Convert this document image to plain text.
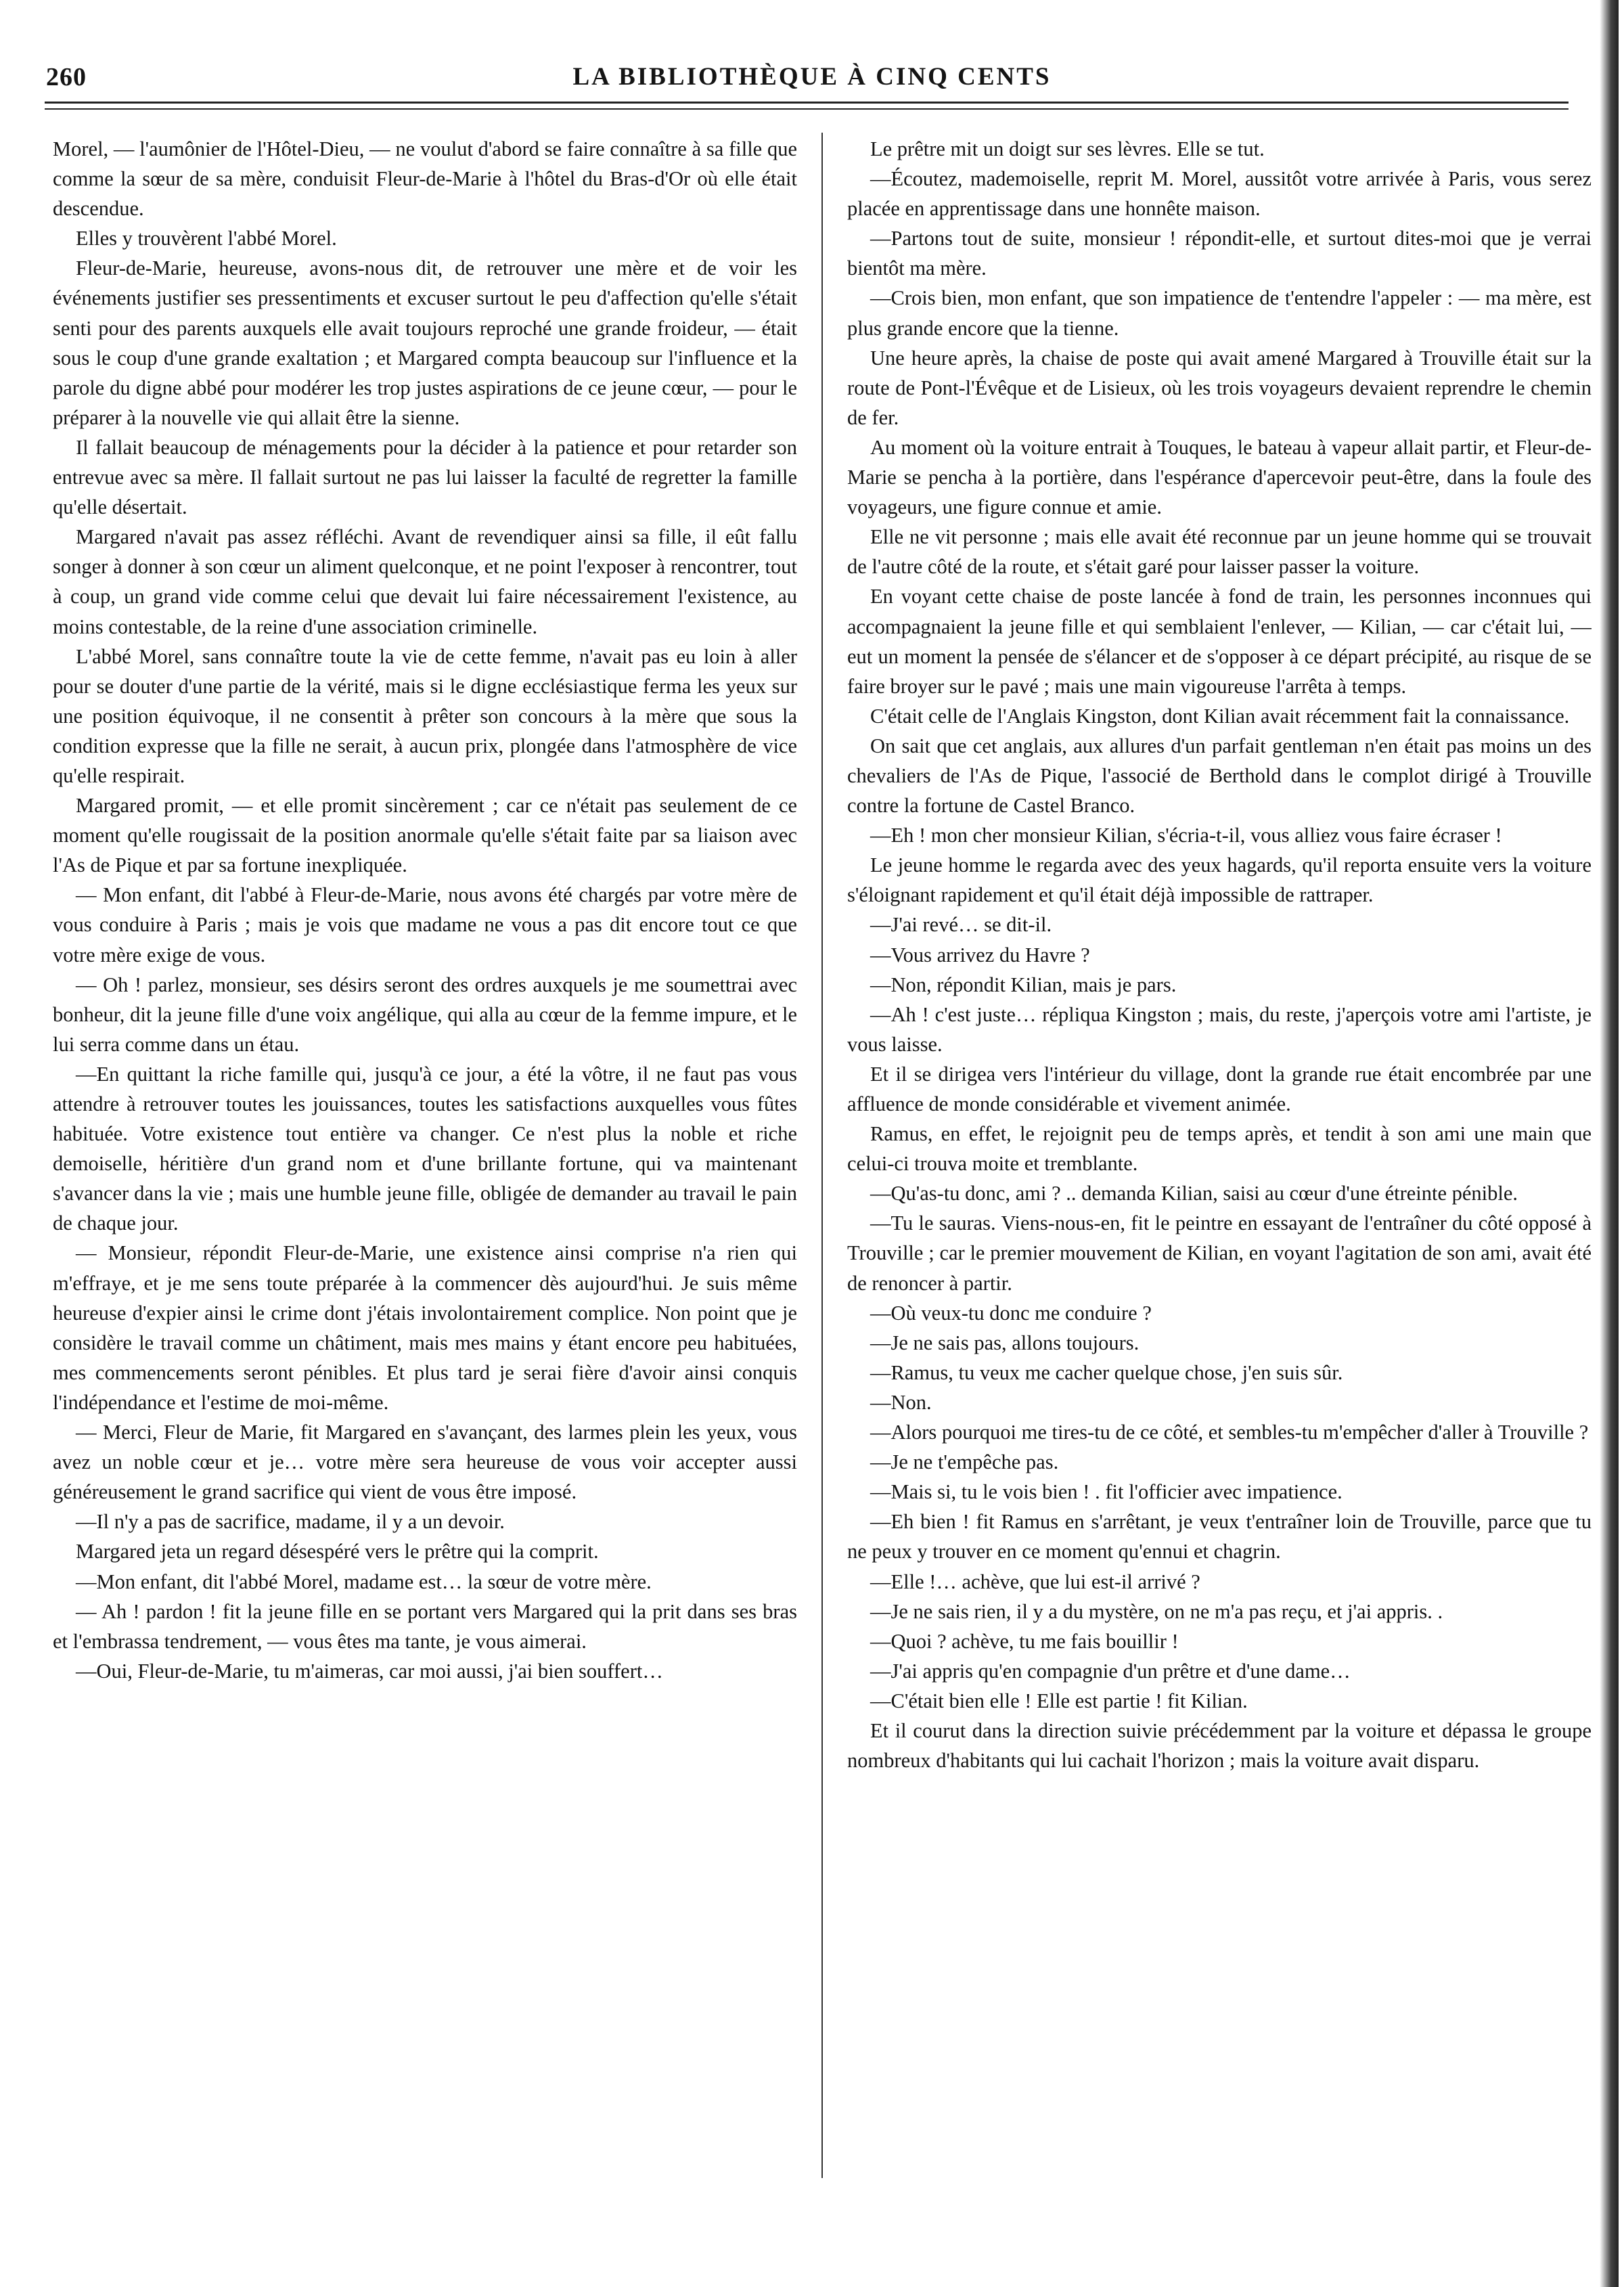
260	LA BIBLIOTHÈQUE À CINQ CENTS

Morel, — l'aumônier de l'Hôtel-Dieu, — ne voulut d'abord se faire connaître à sa fille que comme la sœur de sa mère, conduisit Fleur-de-Marie à l'hôtel du Bras-d'Or où elle était descendue.

Elles y trouvèrent l'abbé Morel.

Fleur-de-Marie, heureuse, avons-nous dit, de retrouver une mère et de voir les événements justifier ses pressentiments et excuser surtout le peu d'affection qu'elle s'était senti pour des parents auxquels elle avait toujours reproché une grande froideur, — était sous le coup d'une grande exaltation ; et Margared compta beaucoup sur l'influence et la parole du digne abbé pour modérer les trop justes aspirations de ce jeune cœur, — pour le préparer à la nouvelle vie qui allait être la sienne.

Il fallait beaucoup de ménagements pour la décider à la patience et pour retarder son entrevue avec sa mère. Il fallait surtout ne pas lui laisser la faculté de regretter la famille qu'elle désertait.

Margared n'avait pas assez réfléchi. Avant de revendiquer ainsi sa fille, il eût fallu songer à donner à son cœur un aliment quelconque, et ne point l'exposer à rencontrer, tout à coup, un grand vide comme celui que devait lui faire nécessairement l'existence, au moins contestable, de la reine d'une association criminelle.

L'abbé Morel, sans connaître toute la vie de cette femme, n'avait pas eu loin à aller pour se douter d'une partie de la vérité, mais si le digne ecclésiastique ferma les yeux sur une position équivoque, il ne consentit à prêter son concours à la mère que sous la condition expresse que la fille ne serait, à aucun prix, plongée dans l'atmosphère de vice qu'elle respirait.

Margared promit, — et elle promit sincèrement ; car ce n'était pas seulement de ce moment qu'elle rougissait de la position anormale qu'elle s'était faite par sa liaison avec l'As de Pique et par sa fortune inexpliquée.

— Mon enfant, dit l'abbé à Fleur-de-Marie, nous avons été chargés par votre mère de vous conduire à Paris ; mais je vois que madame ne vous a pas dit encore tout ce que votre mère exige de vous.

— Oh ! parlez, monsieur, ses désirs seront des ordres auxquels je me soumettrai avec bonheur, dit la jeune fille d'une voix angélique, qui alla au cœur de la femme impure, et le lui serra comme dans un étau.

—En quittant la riche famille qui, jusqu'à ce jour, a été la vôtre, il ne faut pas vous attendre à retrouver toutes les jouissances, toutes les satisfactions auxquelles vous fûtes habituée. Votre existence tout entière va changer. Ce n'est plus la noble et riche demoiselle, héritière d'un grand nom et d'une brillante fortune, qui va maintenant s'avancer dans la vie ; mais une humble jeune fille, obligée de demander au travail le pain de chaque jour.

— Monsieur, répondit Fleur-de-Marie, une existence ainsi comprise n'a rien qui m'effraye, et je me sens toute préparée à la commencer dès aujourd'hui. Je suis même heureuse d'expier ainsi le crime dont j'étais involontairement complice. Non point que je considère le travail comme un châtiment, mais mes mains y étant encore peu habituées, mes commencements seront pénibles. Et plus tard je serai fière d'avoir ainsi conquis l'indépendance et l'estime de moi-même.

— Merci, Fleur de Marie, fit Margared en s'avançant, des larmes plein les yeux, vous avez un noble cœur et je… votre mère sera heureuse de vous voir accepter aussi généreusement le grand sacrifice qui vient de vous être imposé.

—Il n'y a pas de sacrifice, madame, il y a un devoir.

Margared jeta un regard désespéré vers le prêtre qui la comprit.

—Mon enfant, dit l'abbé Morel, madame est… la sœur de votre mère.

— Ah ! pardon ! fit la jeune fille en se portant vers Margared qui la prit dans ses bras et l'embrassa tendrement, — vous êtes ma tante, je vous aimerai.

—Oui, Fleur-de-Marie, tu m'aimeras, car moi aussi, j'ai bien souffert…

Le prêtre mit un doigt sur ses lèvres. Elle se tut.

—Écoutez, mademoiselle, reprit M. Morel, aussitôt votre arrivée à Paris, vous serez placée en apprentissage dans une honnête maison.

—Partons tout de suite, monsieur ! répondit-elle, et surtout dites-moi que je verrai bientôt ma mère.

—Crois bien, mon enfant, que son impatience de t'entendre l'appeler : — ma mère, est plus grande encore que la tienne.

Une heure après, la chaise de poste qui avait amené Margared à Trouville était sur la route de Pont-l'Évêque et de Lisieux, où les trois voyageurs devaient reprendre le chemin de fer.

Au moment où la voiture entrait à Touques, le bateau à vapeur allait partir, et Fleur-de-Marie se pencha à la portière, dans l'espérance d'apercevoir peut-être, dans la foule des voyageurs, une figure connue et amie.

Elle ne vit personne ; mais elle avait été reconnue par un jeune homme qui se trouvait de l'autre côté de la route, et s'était garé pour laisser passer la voiture.

En voyant cette chaise de poste lancée à fond de train, les personnes inconnues qui accompagnaient la jeune fille et qui semblaient l'enlever, — Kilian, — car c'était lui, — eut un moment la pensée de s'élancer et de s'opposer à ce départ précipité, au risque de se faire broyer sur le pavé ; mais une main vigoureuse l'arrêta à temps.

C'était celle de l'Anglais Kingston, dont Kilian avait récemment fait la connaissance.

On sait que cet anglais, aux allures d'un parfait gentleman n'en était pas moins un des chevaliers de l'As de Pique, l'associé de Berthold dans le complot dirigé à Trouville contre la fortune de Castel Branco.

—Eh ! mon cher monsieur Kilian, s'écria-t-il, vous alliez vous faire écraser !

Le jeune homme le regarda avec des yeux hagards, qu'il reporta ensuite vers la voiture s'éloignant rapidement et qu'il était déjà impossible de rattraper.

—J'ai revé… se dit-il.

—Vous arrivez du Havre ?

—Non, répondit Kilian, mais je pars.

—Ah ! c'est juste… répliqua Kingston ; mais, du reste, j'aperçois votre ami l'artiste, je vous laisse.

Et il se dirigea vers l'intérieur du village, dont la grande rue était encombrée par une affluence de monde considérable et vivement animée.

Ramus, en effet, le rejoignit peu de temps après, et tendit à son ami une main que celui-ci trouva moite et tremblante.

—Qu'as-tu donc, ami ? .. demanda Kilian, saisi au cœur d'une étreinte pénible.

—Tu le sauras. Viens-nous-en, fit le peintre en essayant de l'entraîner du côté opposé à Trouville ; car le premier mouvement de Kilian, en voyant l'agitation de son ami, avait été de renoncer à partir.

—Où veux-tu donc me conduire ?

—Je ne sais pas, allons toujours.

—Ramus, tu veux me cacher quelque chose, j'en suis sûr.

—Non.

—Alors pourquoi me tires-tu de ce côté, et sembles-tu m'empêcher d'aller à Trouville ?

—Je ne t'empêche pas.

—Mais si, tu le vois bien ! . fit l'officier avec impatience.

—Eh bien ! fit Ramus en s'arrêtant, je veux t'entraîner loin de Trouville, parce que tu ne peux y trouver en ce moment qu'ennui et chagrin.

—Elle !… achève, que lui est-il arrivé ?

—Je ne sais rien, il y a du mystère, on ne m'a pas reçu, et j'ai appris. .

—Quoi ? achève, tu me fais bouillir !

—J'ai appris qu'en compagnie d'un prêtre et d'une dame…

—C'était bien elle ! Elle est partie ! fit Kilian.

Et il courut dans la direction suivie précédemment par la voiture et dépassa le groupe nombreux d'habitants qui lui cachait l'horizon ; mais la voiture avait disparu.
